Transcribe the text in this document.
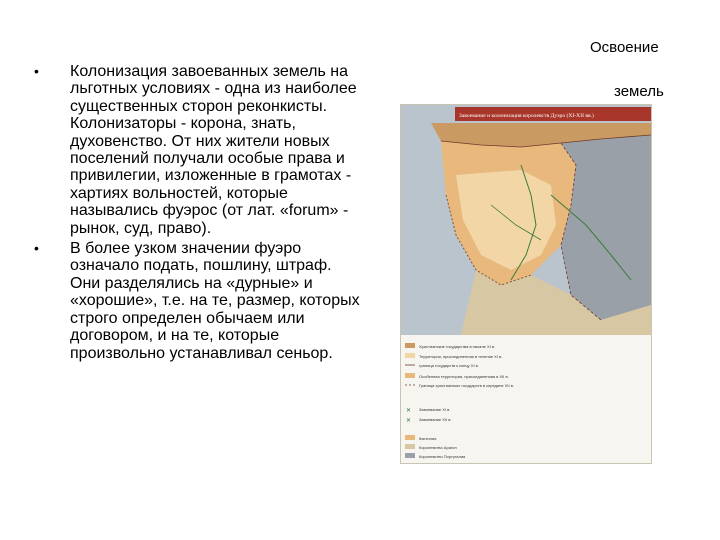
Освоение
земель
• Колонизация завоеванных земель на льготных условиях - одна из наиболее существенных сторон реконкисты. Колонизаторы - корона, знать, духовенство. От них жители новых поселений получали особые права и привилегии, изложенные в грамотах - хартиях вольностей, которые назывались фуэрос (от лат. «forum» - рынок, суд, право).
• В более узком значении фуэро означало подать, пошлину, штраф. Они разделялись на «дурные» и «хорошие», т.е. на те, размер, которых строго определен обычаем или договором, и на те, которые произвольно устанавливал сеньор.
Завоевание и колонизация королевств Дуэро (XI-XII вв.)
✕
✕
Христианские государства в начале XI в.
Территория, присоединенная в течение XI в.
граница государств к концу XI в.
Особенная территория, присоединенная в XII в.
Граница христианских государств в середине XII в.
Завоевание XI в.
Завоевание XII в.
Кастилия
Королевство Арагон
Королевство Португалия
